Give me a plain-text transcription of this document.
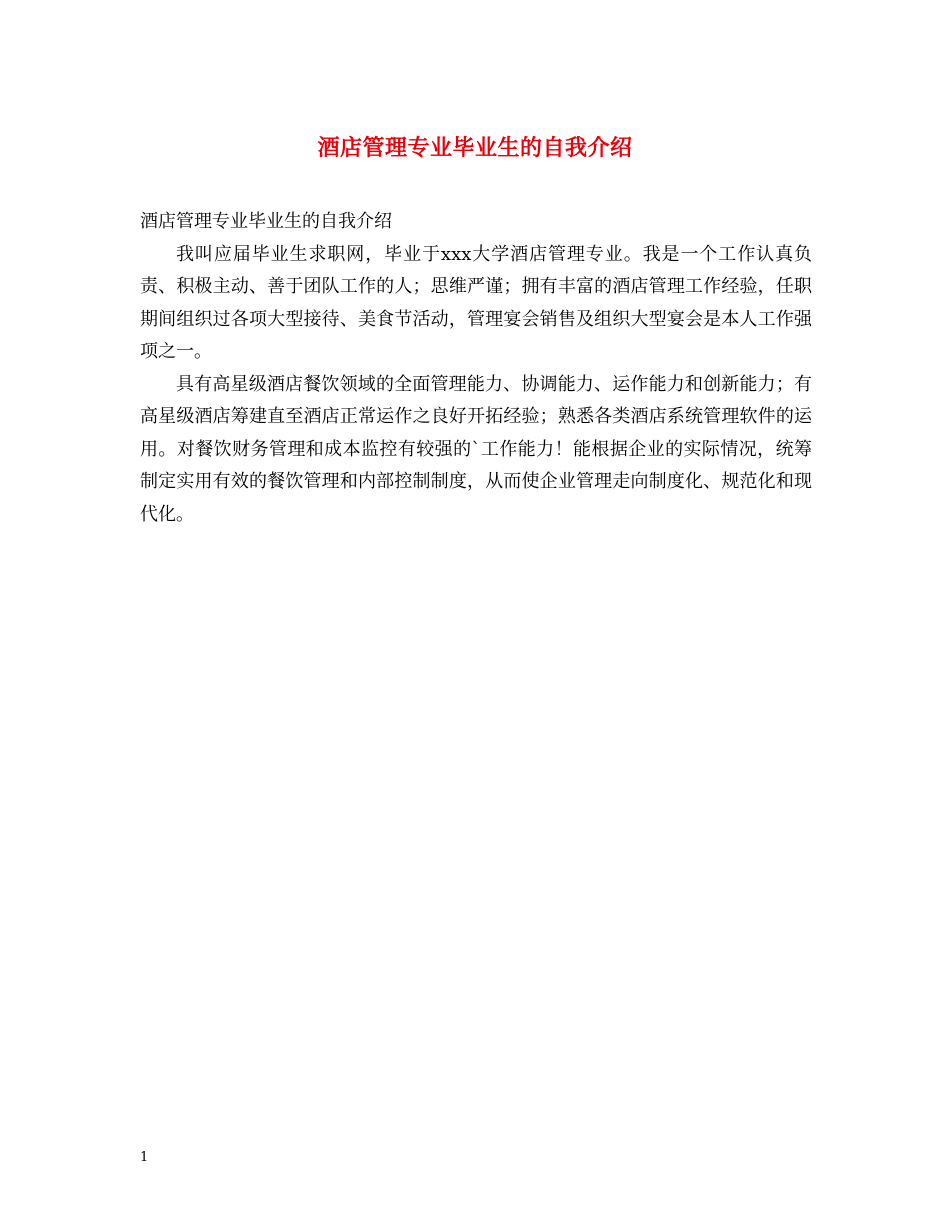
酒店管理专业毕业生的自我介绍

酒店管理专业毕业生的自我介绍

我叫应届毕业生求职网，毕业于xxx大学酒店管理专业。我是一个工作认真负责、积极主动、善于团队工作的人；思维严谨；拥有丰富的酒店管理工作经验，任职期间组织过各项大型接待、美食节活动，管理宴会销售及组织大型宴会是本人工作强项之一。

具有高星级酒店餐饮领域的全面管理能力、协调能力、运作能力和创新能力；有高星级酒店筹建直至酒店正常运作之良好开拓经验；熟悉各类酒店系统管理软件的运用。对餐饮财务管理和成本监控有较强的`工作能力！能根据企业的实际情况，统筹制定实用有效的餐饮管理和内部控制制度，从而使企业管理走向制度化、规范化和现代化。

1
